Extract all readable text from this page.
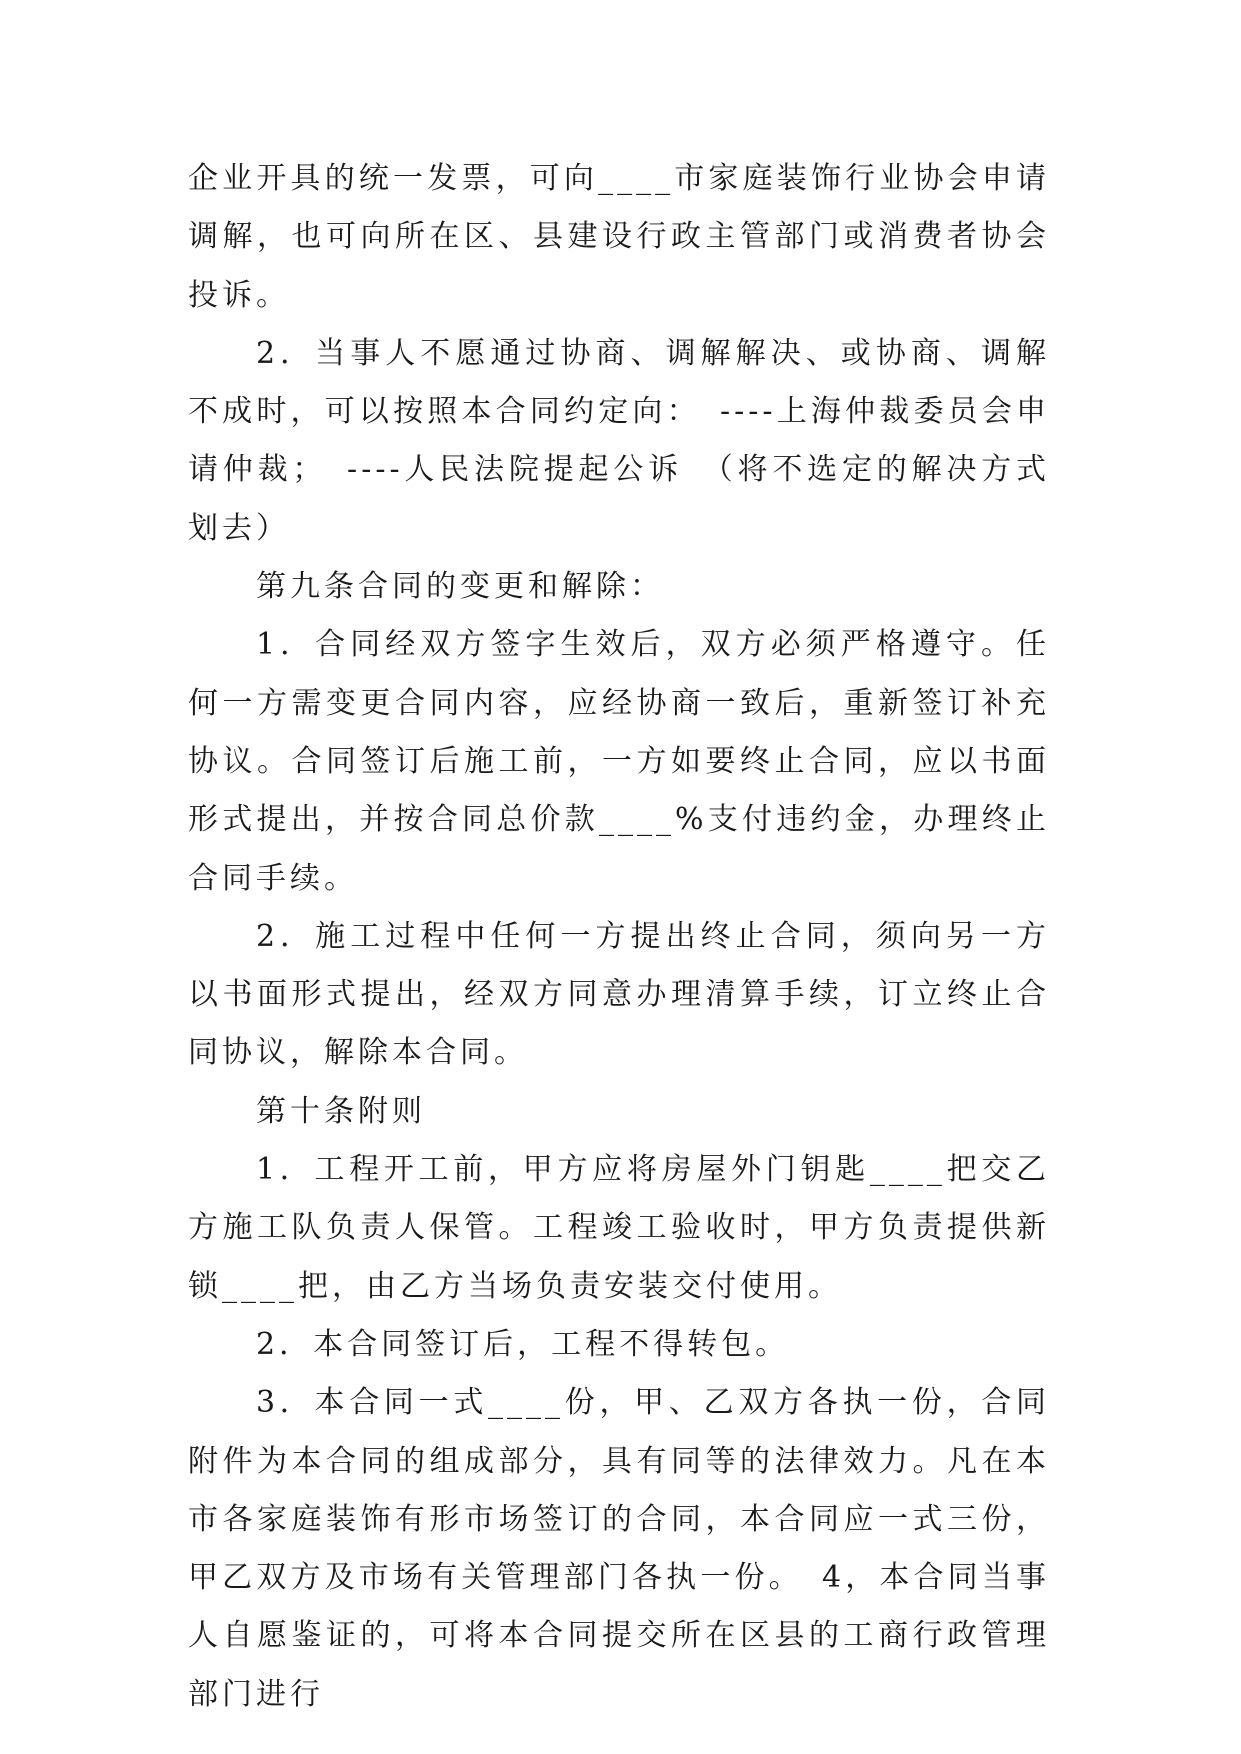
企业开具的统一发票，可向____市家庭装饰行业协会申请调解，也可向所在区、县建设行政主管部门或消费者协会投诉。

2．当事人不愿通过协商、调解解决、或协商、调解不成时，可以按照本合同约定向：　----上海仲裁委员会申请仲裁；　----人民法院提起公诉　（将不选定的解决方式划去）

第九条合同的变更和解除：

1．合同经双方签字生效后，双方必须严格遵守。任何一方需变更合同内容，应经协商一致后，重新签订补充协议。合同签订后施工前，一方如要终止合同，应以书面形式提出，并按合同总价款____%支付违约金，办理终止合同手续。

2．施工过程中任何一方提出终止合同，须向另一方以书面形式提出，经双方同意办理清算手续，订立终止合同协议，解除本合同。

第十条附则

1．工程开工前，甲方应将房屋外门钥匙____把交乙方施工队负责人保管。工程竣工验收时，甲方负责提供新锁____把，由乙方当场负责安装交付使用。

2．本合同签订后，工程不得转包。

3．本合同一式____份，甲、乙双方各执一份，合同附件为本合同的组成部分，具有同等的法律效力。凡在本市各家庭装饰有形市场签订的合同，本合同应一式三份，甲乙双方及市场有关管理部门各执一份。　4，本合同当事人自愿鉴证的，可将本合同提交所在区县的工商行政管理部门进行
